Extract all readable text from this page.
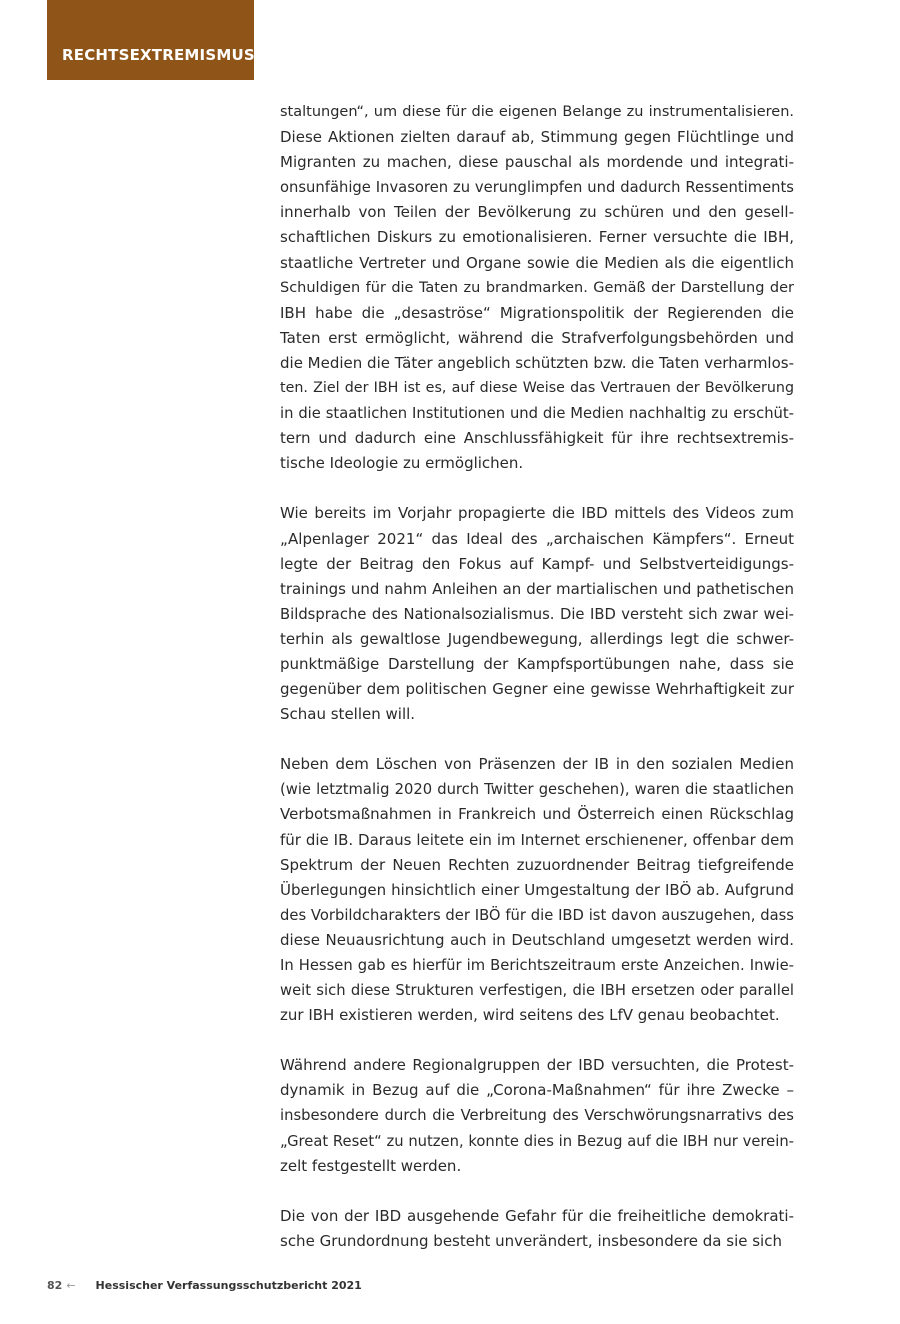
RECHTSEXTREMISMUS

staltungen“, um diese für die eigenen Belange zu instrumentalisieren.
Diese Aktionen zielten darauf ab, Stimmung gegen Flüchtlinge und
Migranten zu machen, diese pauschal als mordende und integrati-
onsunfähige Invasoren zu verunglimpfen und dadurch Ressentiments
innerhalb von Teilen der Bevölkerung zu schüren und den gesell-
schaftlichen Diskurs zu emotionalisieren. Ferner versuchte die IBH,
staatliche Vertreter und Organe sowie die Medien als die eigentlich
Schuldigen für die Taten zu brandmarken. Gemäß der Darstellung der
IBH habe die „desaströse“ Migrationspolitik der Regierenden die
Taten erst ermöglicht, während die Strafverfolgungsbehörden und
die Medien die Täter angeblich schützten bzw. die Taten verharmlos-
ten. Ziel der IBH ist es, auf diese Weise das Vertrauen der Bevölkerung
in die staatlichen Institutionen und die Medien nachhaltig zu erschüt-
tern und dadurch eine Anschlussfähigkeit für ihre rechtsextremis-
tische Ideologie zu ermöglichen.

Wie bereits im Vorjahr propagierte die IBD mittels des Videos zum
„Alpenlager 2021“ das Ideal des „archaischen Kämpfers“. Erneut
legte der Beitrag den Fokus auf Kampf- und Selbstverteidigungs-
trainings und nahm Anleihen an der martialischen und pathetischen
Bildsprache des Nationalsozialismus. Die IBD versteht sich zwar wei-
terhin als gewaltlose Jugendbewegung, allerdings legt die schwer-
punktmäßige Darstellung der Kampfsportübungen nahe, dass sie
gegenüber dem politischen Gegner eine gewisse Wehrhaftigkeit zur
Schau stellen will.

Neben dem Löschen von Präsenzen der IB in den sozialen Medien
(wie letztmalig 2020 durch Twitter geschehen), waren die staatlichen
Verbotsmaßnahmen in Frankreich und Österreich einen Rückschlag
für die IB. Daraus leitete ein im Internet erschienener, offenbar dem
Spektrum der Neuen Rechten zuzuordnender Beitrag tiefgreifende
Überlegungen hinsichtlich einer Umgestaltung der IBÖ ab. Aufgrund
des Vorbildcharakters der IBÖ für die IBD ist davon auszugehen, dass
diese Neuausrichtung auch in Deutschland umgesetzt werden wird.
In Hessen gab es hierfür im Berichtszeitraum erste Anzeichen. Inwie-
weit sich diese Strukturen verfestigen, die IBH ersetzen oder parallel
zur IBH existieren werden, wird seitens des LfV genau beobachtet.

Während andere Regionalgruppen der IBD versuchten, die Protest-
dynamik in Bezug auf die „Corona-Maßnahmen“ für ihre Zwecke –
insbesondere durch die Verbreitung des Verschwörungsnarrativs des
„Great Reset“ zu nutzen, konnte dies in Bezug auf die IBH nur verein-
zelt festgestellt werden.

Die von der IBD ausgehende Gefahr für die freiheitliche demokrati-
sche Grundordnung besteht unverändert, insbesondere da sie sich

82 ← Hessischer Verfassungsschutzbericht 2021
